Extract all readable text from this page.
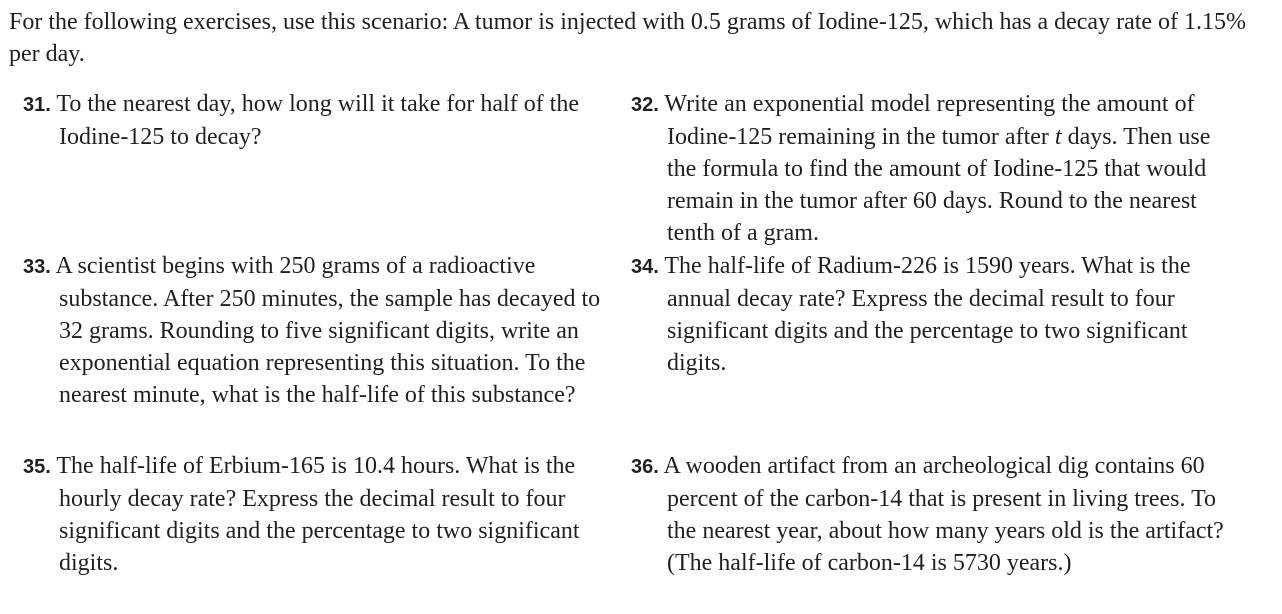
For the following exercises, use this scenario: A tumor is injected with 0.5 grams of Iodine-125, which has a decay rate of 1.15% per day.
31. To the nearest day, how long will it take for half of the Iodine-125 to decay?
32. Write an exponential model representing the amount of Iodine-125 remaining in the tumor after t days. Then use the formula to find the amount of Iodine-125 that would remain in the tumor after 60 days. Round to the nearest tenth of a gram.
33. A scientist begins with 250 grams of a radioactive substance. After 250 minutes, the sample has decayed to 32 grams. Rounding to five significant digits, write an exponential equation representing this situation. To the nearest minute, what is the half-life of this substance?
34. The half-life of Radium-226 is 1590 years. What is the annual decay rate? Express the decimal result to four significant digits and the percentage to two significant digits.
35. The half-life of Erbium-165 is 10.4 hours. What is the hourly decay rate? Express the decimal result to four significant digits and the percentage to two significant digits.
36. A wooden artifact from an archeological dig contains 60 percent of the carbon-14 that is present in living trees. To the nearest year, about how many years old is the artifact? (The half-life of carbon-14 is 5730 years.)
